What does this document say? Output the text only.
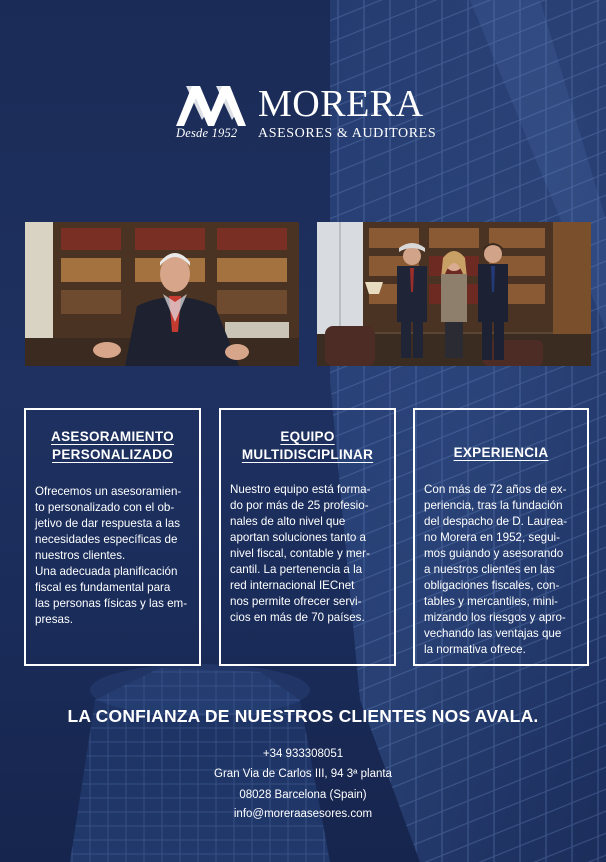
Desde 1952
MORERA
ASESORES & AUDITORES
ASESORAMIENTO
PERSONALIZADO
Ofrecemos un asesoramien-
to personalizado con el ob-
jetivo de dar respuesta a las
necesidades específicas de
nuestros clientes.
Una adecuada planificación
fiscal es fundamental para
las personas físicas y las em-
presas.
EQUIPO
MULTIDISCIPLINAR
Nuestro equipo está forma-
do por más de 25 profesio-
nales de alto nivel que
aportan soluciones tanto a
nivel fiscal, contable y mer-
cantil. La pertenencia a la
red internacional IECnet
nos permite ofrecer servi-
cios en más de 70 países.
EXPERIENCIA
Con más de 72 años de ex-
periencia, tras la fundación
del despacho de D. Laurea-
no Morera en 1952, segui-
mos guiando y asesorando
a nuestros clientes en las
obligaciones fiscales, con-
tables y mercantiles, mini-
mizando los riesgos y apro-
vechando las ventajas que
la normativa ofrece.
LA CONFIANZA DE NUESTROS CLIENTES NOS AVALA.
+34 933308051
Gran Via de Carlos III, 94 3ª planta
08028 Barcelona (Spain)
info@moreraasesores.com
